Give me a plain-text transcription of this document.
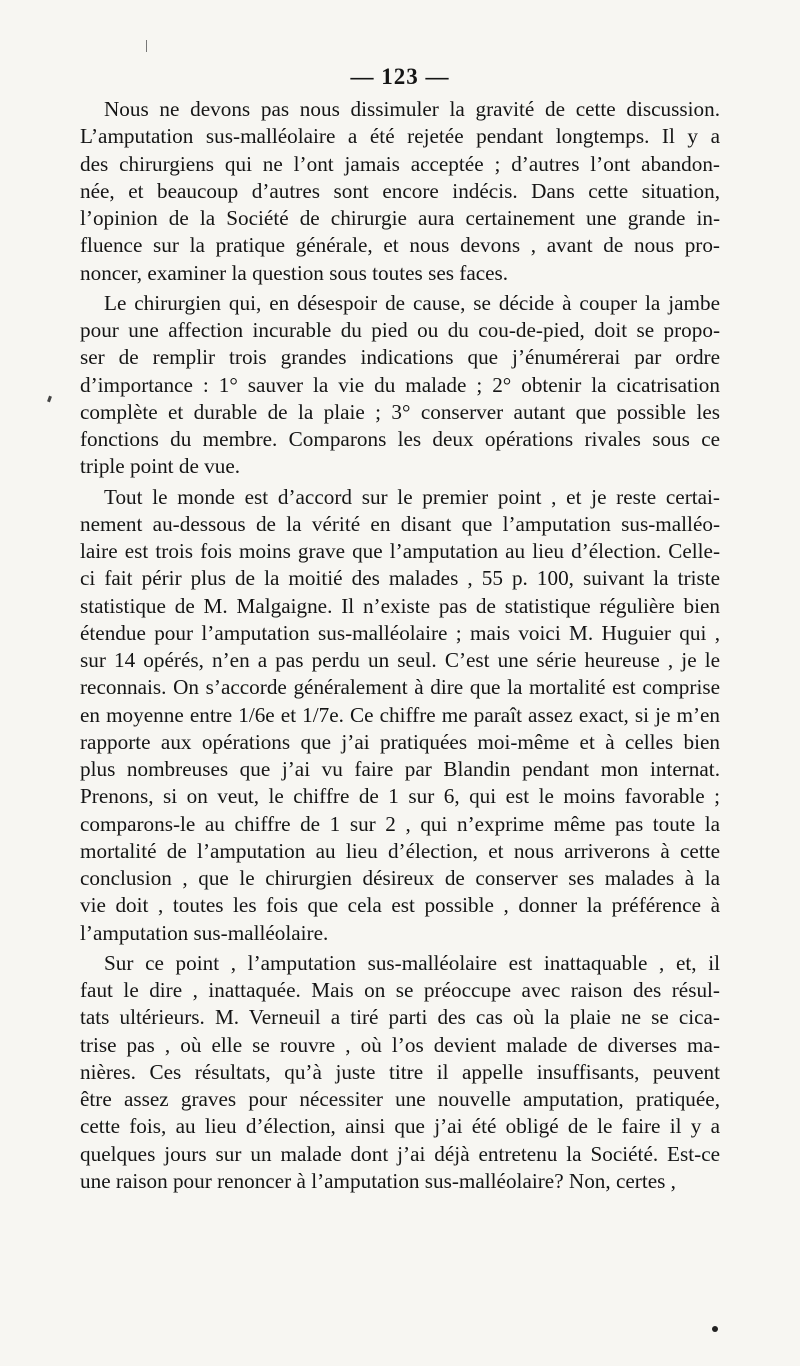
— 123 —
Nous ne devons pas nous dissimuler la gravité de cette discussion.
L’amputation sus-malléolaire a été rejetée pendant longtemps. Il y a
des chirurgiens qui ne l’ont jamais acceptée ; d’autres l’ont abandon-
née, et beaucoup d’autres sont encore indécis. Dans cette situation,
l’opinion de la Société de chirurgie aura certainement une grande in-
fluence sur la pratique générale, et nous devons , avant de nous pro-
noncer, examiner la question sous toutes ses faces.
Le chirurgien qui, en désespoir de cause, se décide à couper la jambe
pour une affection incurable du pied ou du cou-de-pied, doit se propo-
ser de remplir trois grandes indications que j’énumérerai par ordre
d’importance : 1° sauver la vie du malade ; 2° obtenir la cicatrisation
complète et durable de la plaie ; 3° conserver autant que possible les
fonctions du membre. Comparons les deux opérations rivales sous ce
triple point de vue.
Tout le monde est d’accord sur le premier point , et je reste certai-
nement au-dessous de la vérité en disant que l’amputation sus-malléo-
laire est trois fois moins grave que l’amputation au lieu d’élection. Celle-
ci fait périr plus de la moitié des malades , 55 p. 100, suivant la triste
statistique de M. Malgaigne. Il n’existe pas de statistique régulière bien
étendue pour l’amputation sus-malléolaire ; mais voici M. Huguier qui ,
sur 14 opérés, n’en a pas perdu un seul. C’est une série heureuse , je le
reconnais. On s’accorde généralement à dire que la mortalité est comprise
en moyenne entre 1/6e et 1/7e. Ce chiffre me paraît assez exact, si je m’en
rapporte aux opérations que j’ai pratiquées moi-même et à celles bien
plus nombreuses que j’ai vu faire par Blandin pendant mon internat.
Prenons, si on veut, le chiffre de 1 sur 6, qui est le moins favorable ;
comparons-le au chiffre de 1 sur 2 , qui n’exprime même pas toute la
mortalité de l’amputation au lieu d’élection, et nous arriverons à cette
conclusion , que le chirurgien désireux de conserver ses malades à la
vie doit , toutes les fois que cela est possible , donner la préférence à
l’amputation sus-malléolaire.
Sur ce point , l’amputation sus-malléolaire est inattaquable , et, il
faut le dire , inattaquée. Mais on se préoccupe avec raison des résul-
tats ultérieurs. M. Verneuil a tiré parti des cas où la plaie ne se cica-
trise pas , où elle se rouvre , où l’os devient malade de diverses ma-
nières. Ces résultats, qu’à juste titre il appelle insuffisants, peuvent
être assez graves pour nécessiter une nouvelle amputation, pratiquée,
cette fois, au lieu d’élection, ainsi que j’ai été obligé de le faire il y a
quelques jours sur un malade dont j’ai déjà entretenu la Société. Est-ce
une raison pour renoncer à l’amputation sus-malléolaire? Non, certes ,
